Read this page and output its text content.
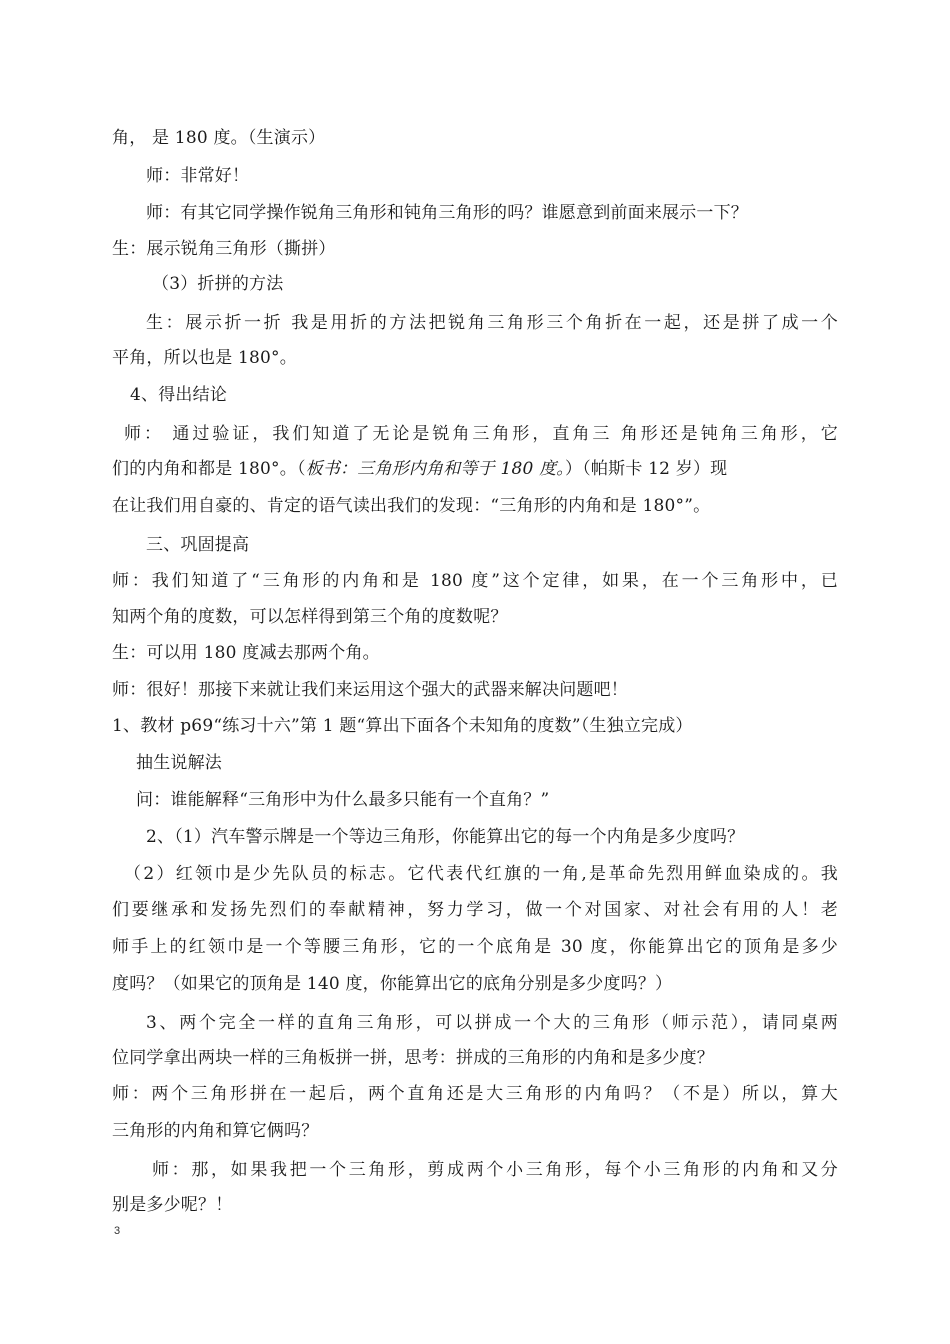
角， 是 180 度。（生演示）
师：非常好！
师：有其它同学操作锐角三角形和钝角三角形的吗？谁愿意到前面来展示一下？
生：展示锐角三角形（撕拼）
（3）折拼的方法
生：展示折一折 我是用折的方法把锐角三角形三个角折在一起，还是拼了成一个
平角，所以也是 180°。
4、得出结论
师： 通过验证，我们知道了无论是锐角三角形，直角三 角形还是钝角三角形，它
们的内角和都是 180°。（板书：三角形内角和等于 180 度。）（帕斯卡 12 岁）现
在让我们用自豪的、肯定的语气读出我们的发现：“三角形的内角和是 180°”。
三、巩固提高
师：我们知道了“三角形的内角和是 180 度”这个定律，如果，在一个三角形中，已
知两个角的度数，可以怎样得到第三个角的度数呢？
生：可以用 180 度减去那两个角。
师：很好！那接下来就让我们来运用这个强大的武器来解决问题吧！
1、教材 p69“练习十六”第 1 题“算出下面各个未知角的度数”（生独立完成）
抽生说解法
问：谁能解释“三角形中为什么最多只能有一个直角？”
2、（1）汽车警示牌是一个等边三角形，你能算出它的每一个内角是多少度吗？
（2）红领巾是少先队员的标志。它代表代红旗的一角,是革命先烈用鲜血染成的。我
们要继承和发扬先烈们的奉献精神，努力学习，做一个对国家、对社会有用的人！老
师手上的红领巾是一个等腰三角形，它的一个底角是 30 度，你能算出它的顶角是多少
度吗？（如果它的顶角是 140 度，你能算出它的底角分别是多少度吗？）
3、两个完全一样的直角三角形，可以拼成一个大的三角形（师示范），请同桌两
位同学拿出两块一样的三角板拼一拼，思考：拼成的三角形的内角和是多少度？
师：两个三角形拼在一起后，两个直角还是大三角形的内角吗？（不是）所以，算大
三角形的内角和算它俩吗？
师：那，如果我把一个三角形，剪成两个小三角形，每个小三角形的内角和又分
别是多少呢？！
3
